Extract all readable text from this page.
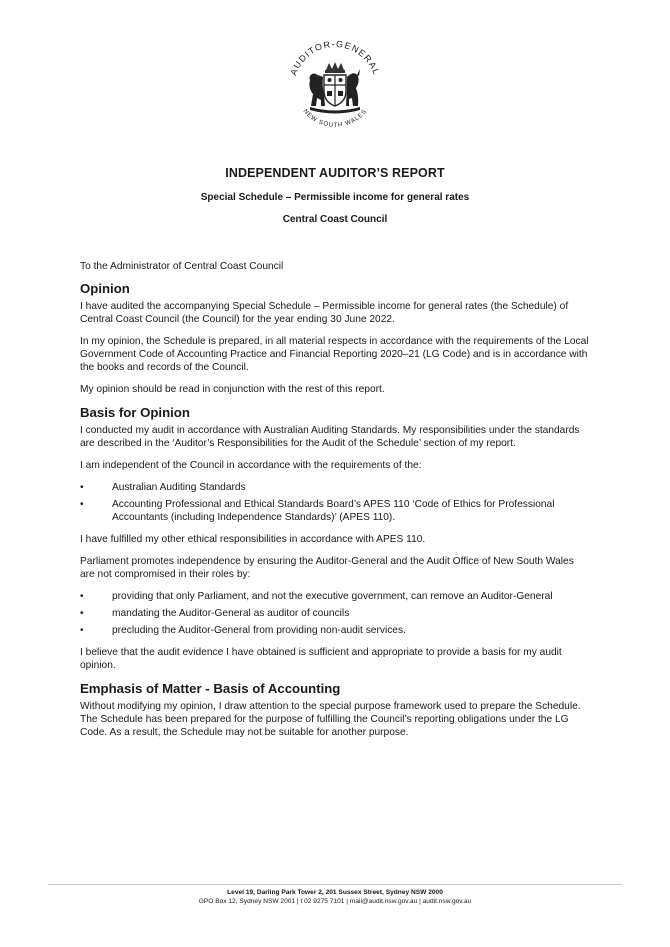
AUDITOR-GENERAL
NEW SOUTH WALES
INDEPENDENT AUDITOR’S REPORT
Special Schedule – Permissible income for general rates
Central Coast Council

To the Administrator of Central Coast Council

Opinion

I have audited the accompanying Special Schedule – Permissible income for general rates (the Schedule) of Central Coast Council (the Council) for the year ending 30 June 2022.

In my opinion, the Schedule is prepared, in all material respects in accordance with the requirements of the Local Government Code of Accounting Practice and Financial Reporting 2020–21 (LG Code) and is in accordance with the books and records of the Council.

My opinion should be read in conjunction with the rest of this report.

Basis for Opinion

I conducted my audit in accordance with Australian Auditing Standards. My responsibilities under the standards are described in the ‘Auditor’s Responsibilities for the Audit of the Schedule’ section of my report.

I am independent of the Council in accordance with the requirements of the:

•	Australian Auditing Standards
•	Accounting Professional and Ethical Standards Board’s APES 110 ‘Code of Ethics for Professional Accountants (including Independence Standards)’ (APES 110).

I have fulfilled my other ethical responsibilities in accordance with APES 110.

Parliament promotes independence by ensuring the Auditor-General and the Audit Office of New South Wales are not compromised in their roles by:

•	providing that only Parliament, and not the executive government, can remove an Auditor-General
•	mandating the Auditor-General as auditor of councils
•	precluding the Auditor-General from providing non-audit services.

I believe that the audit evidence I have obtained is sufficient and appropriate to provide a basis for my audit opinion.

Emphasis of Matter - Basis of Accounting

Without modifying my opinion, I draw attention to the special purpose framework used to prepare the Schedule. The Schedule has been prepared for the purpose of fulfilling the Council’s reporting obligations under the LG Code. As a result, the Schedule may not be suitable for another purpose.

Level 19, Darling Park Tower 2, 201 Sussex Street, Sydney NSW 2000
GPO Box 12, Sydney NSW 2001 | t 02 9275 7101 | mail@audit.nsw.gov.au | audit.nsw.gov.au
